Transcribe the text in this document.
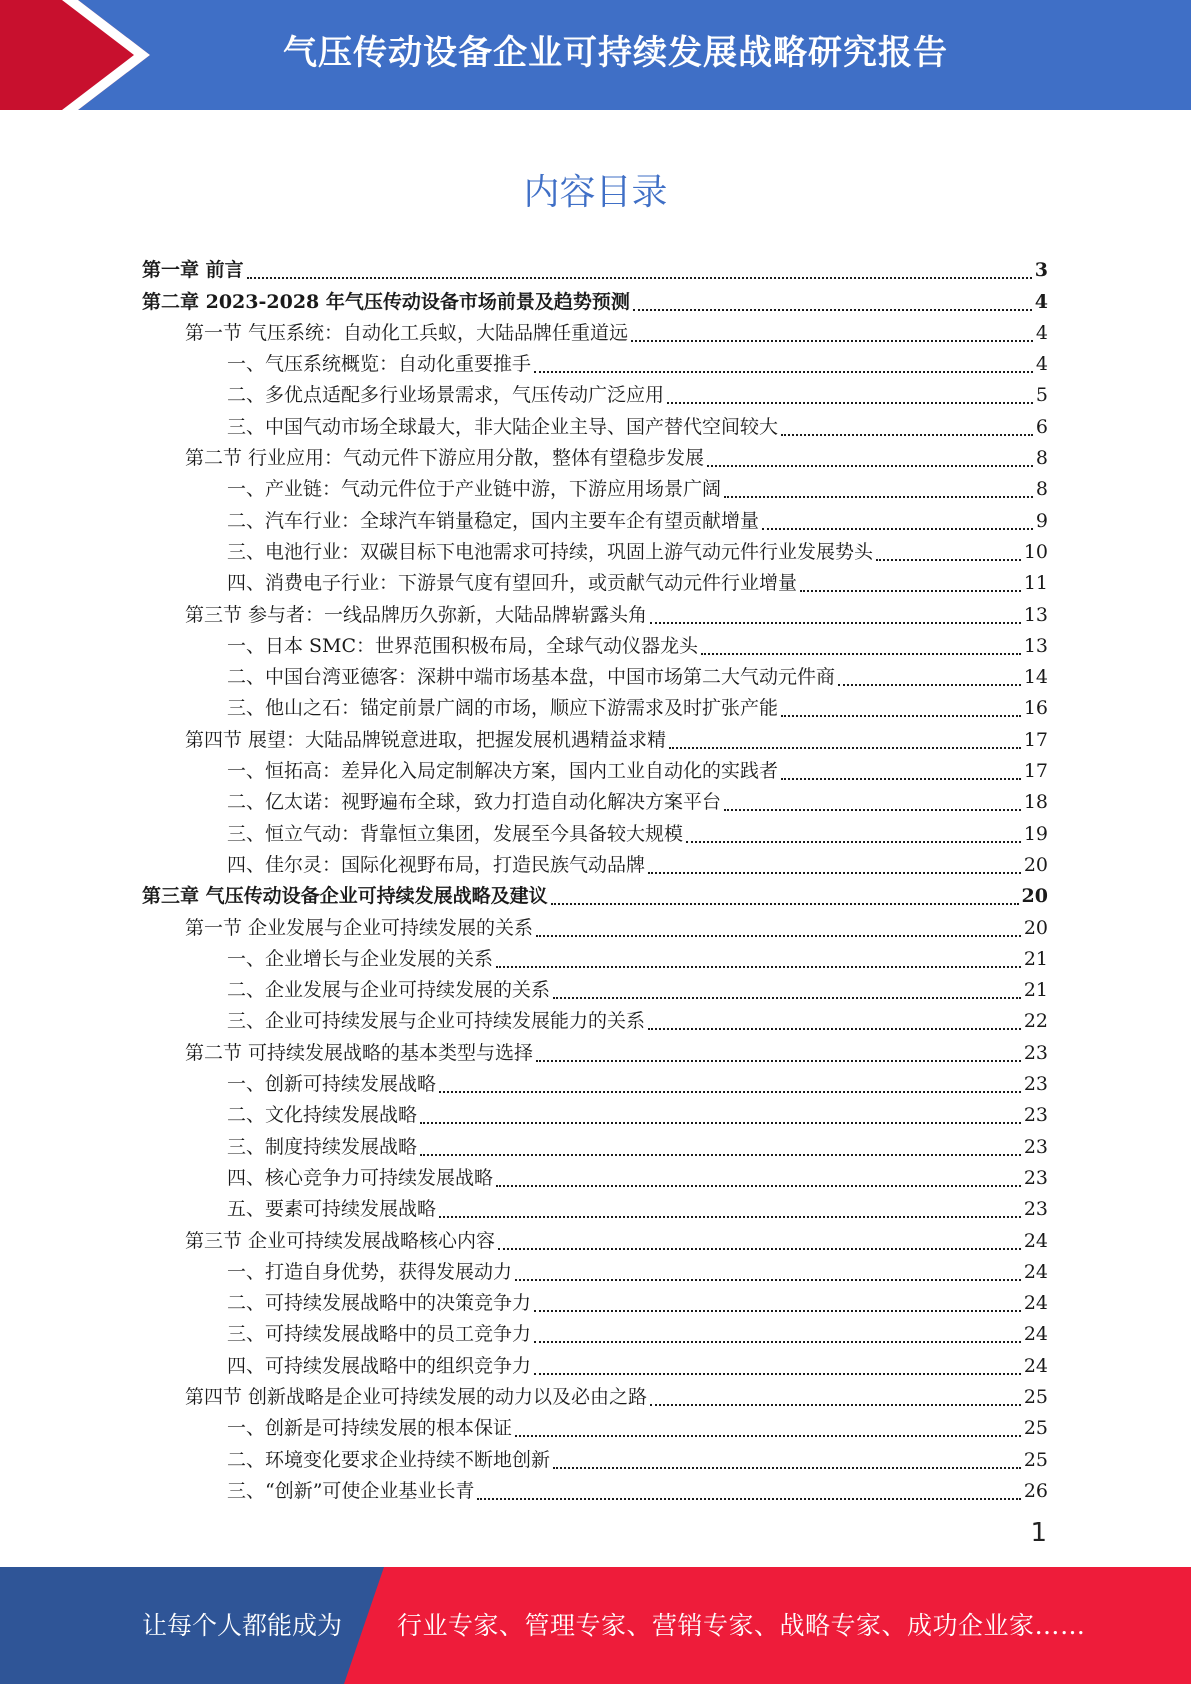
气压传动设备企业可持续发展战略研究报告
内容目录
第一章 前言	3
第二章 2023-2028 年气压传动设备市场前景及趋势预测	4
第一节 气压系统：自动化工兵蚁，大陆品牌任重道远	4
一、气压系统概览：自动化重要推手	4
二、多优点适配多行业场景需求，气压传动广泛应用	5
三、中国气动市场全球最大，非大陆企业主导、国产替代空间较大	6
第二节 行业应用：气动元件下游应用分散，整体有望稳步发展	8
一、产业链：气动元件位于产业链中游，下游应用场景广阔	8
二、汽车行业：全球汽车销量稳定，国内主要车企有望贡献增量	9
三、电池行业：双碳目标下电池需求可持续，巩固上游气动元件行业发展势头	10
四、消费电子行业：下游景气度有望回升，或贡献气动元件行业增量	11
第三节 参与者：一线品牌历久弥新，大陆品牌崭露头角	13
一、日本 SMC：世界范围积极布局，全球气动仪器龙头	13
二、中国台湾亚德客：深耕中端市场基本盘，中国市场第二大气动元件商	14
三、他山之石：锚定前景广阔的市场，顺应下游需求及时扩张产能	16
第四节 展望：大陆品牌锐意进取，把握发展机遇精益求精	17
一、恒拓高：差异化入局定制解决方案，国内工业自动化的实践者	17
二、亿太诺：视野遍布全球，致力打造自动化解决方案平台	18
三、恒立气动：背靠恒立集团，发展至今具备较大规模	19
四、佳尔灵：国际化视野布局，打造民族气动品牌	20
第三章 气压传动设备企业可持续发展战略及建议	20
第一节 企业发展与企业可持续发展的关系	20
一、企业增长与企业发展的关系	21
二、企业发展与企业可持续发展的关系	21
三、企业可持续发展与企业可持续发展能力的关系	22
第二节 可持续发展战略的基本类型与选择	23
一、创新可持续发展战略	23
二、文化持续发展战略	23
三、制度持续发展战略	23
四、核心竞争力可持续发展战略	23
五、要素可持续发展战略	23
第三节 企业可持续发展战略核心内容	24
一、打造自身优势，获得发展动力	24
二、可持续发展战略中的决策竞争力	24
三、可持续发展战略中的员工竞争力	24
四、可持续发展战略中的组织竞争力	24
第四节 创新战略是企业可持续发展的动力以及必由之路	25
一、创新是可持续发展的根本保证	25
二、环境变化要求企业持续不断地创新	25
三、“创新”可使企业基业长青	26
1
让每个人都能成为 行业专家、管理专家、营销专家、战略专家、成功企业家……
